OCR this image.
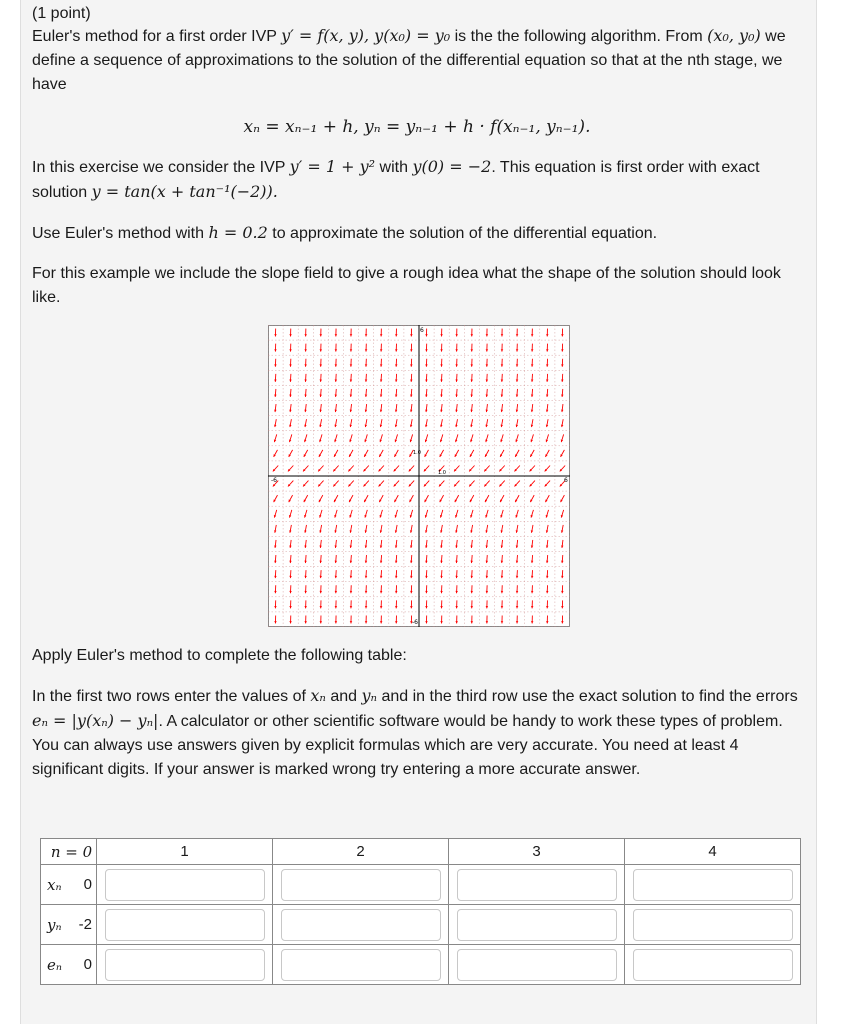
(1 point)
Euler's method for a first order IVP y′ = f(x, y), y(x₀) = y₀ is the the following algorithm. From (x₀, y₀) we define a sequence of approximations to the solution of the differential equation so that at the nth stage, we have
xₙ = xₙ₋₁ + h, yₙ = yₙ₋₁ + h · f(xₙ₋₁, yₙ₋₁).
In this exercise we consider the IVP y′ = 1 + y² with y(0) = −2. This equation is first order with exact solution y = tan(x + tan⁻¹(−2)).
Use Euler's method with h = 0.2 to approximate the solution of the differential equation.
For this example we include the slope field to give a rough idea what the shape of the solution should look like.
-6	6
6
-6
1.0
1.0
Apply Euler's method to complete the following table:
In the first two rows enter the values of xₙ and yₙ and in the third row use the exact solution to find the errors eₙ = |y(xₙ) − yₙ|. A calculator or other scientific software would be handy to work these types of problem. You can always use answers given by explicit formulas which are very accurate. You need at least 4 significant digits. If your answer is marked wrong try entering a more accurate answer.
n = 0	1	2	3	4

xₙ 0

yₙ -2

eₙ 0
